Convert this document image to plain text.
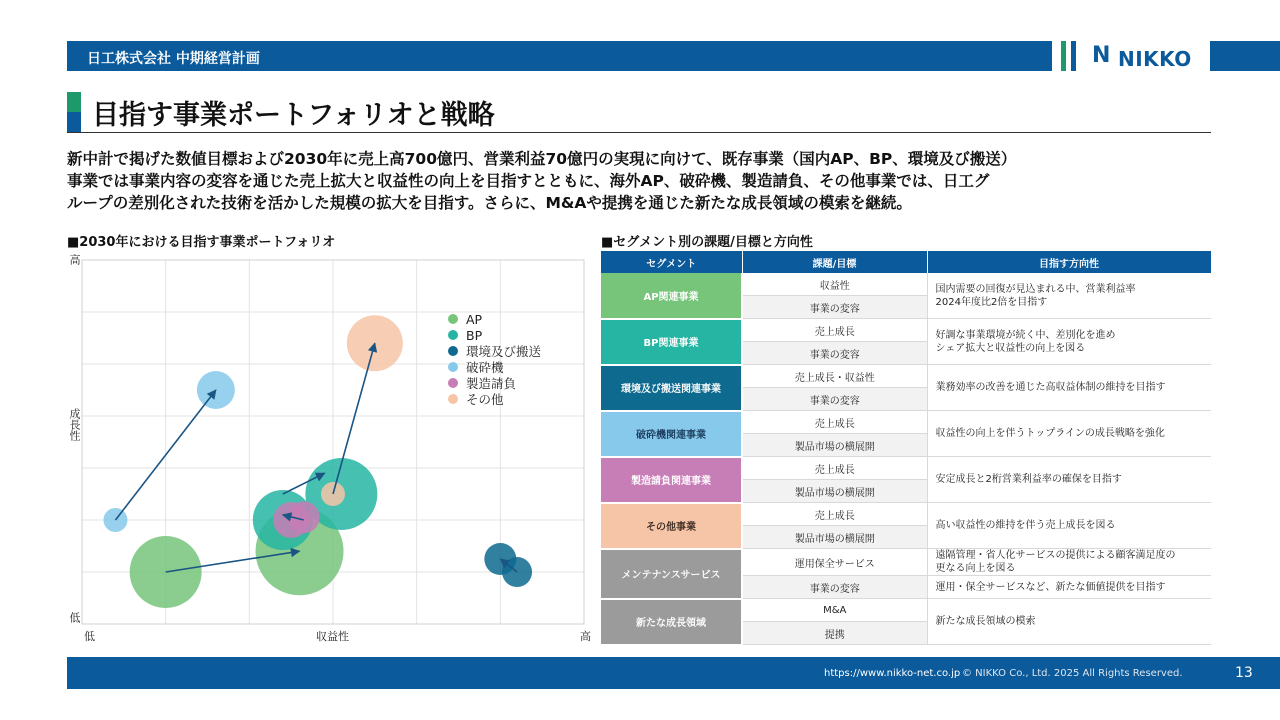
日工株式会社 中期経営計画	N NIKKO
目指す事業ポートフォリオと戦略
新中計で掲げた数値目標および2030年に売上高700億円、営業利益70億円の実現に向けて、既存事業（国内AP、BP、環境及び搬送）
事業では事業内容の変容を通じた売上拡大と収益性の向上を目指すとともに、海外AP、破砕機、製造請負、その他事業では、日工グ
ループの差別化された技術を活かした規模の拡大を目指す。さらに、M&Aや提携を通じた新たな成長領域の模索を継続。
■2030年における目指す事業ポートフォリオ	■セグメント別の課題/目標と方向性
高
低
成長性
低	収益性	高
AP
BP
環境及び搬送
破砕機
製造請負
その他
セグメント	課題/目標	目指す方向性
AP関連事業	収益性	国内需要の回復が見込まれる中、営業利益率
2024年度比2倍を目指す
	事業の変容	
BP関連事業	売上成長	好調な事業環境が続く中、差別化を進め
シェア拡大と収益性の向上を図る
	事業の変容	
環境及び搬送関連事業	売上成長・収益性	業務効率の改善を通じた高収益体制の維持を目指す
	事業の変容	
破砕機関連事業	売上成長	収益性の向上を伴うトップラインの成長戦略を強化
	製品市場の横展開	
製造請負関連事業	売上成長	安定成長と2桁営業利益率の確保を目指す
	製品市場の横展開	
その他事業	売上成長	高い収益性の維持を伴う売上成長を図る
	製品市場の横展開	
メンテナンスサービス	運用保全サービス	遠隔管理・省人化サービスの提供による顧客満足度の
更なる向上を図る
	事業の変容	運用・保全サービスなど、新たな価値提供を目指す
新たな成長領域	M&A	新たな成長領域の模索
	提携	
https://www.nikko-net.co.jp © NIKKO Co., Ltd. 2025 All Rights Reserved.	13
